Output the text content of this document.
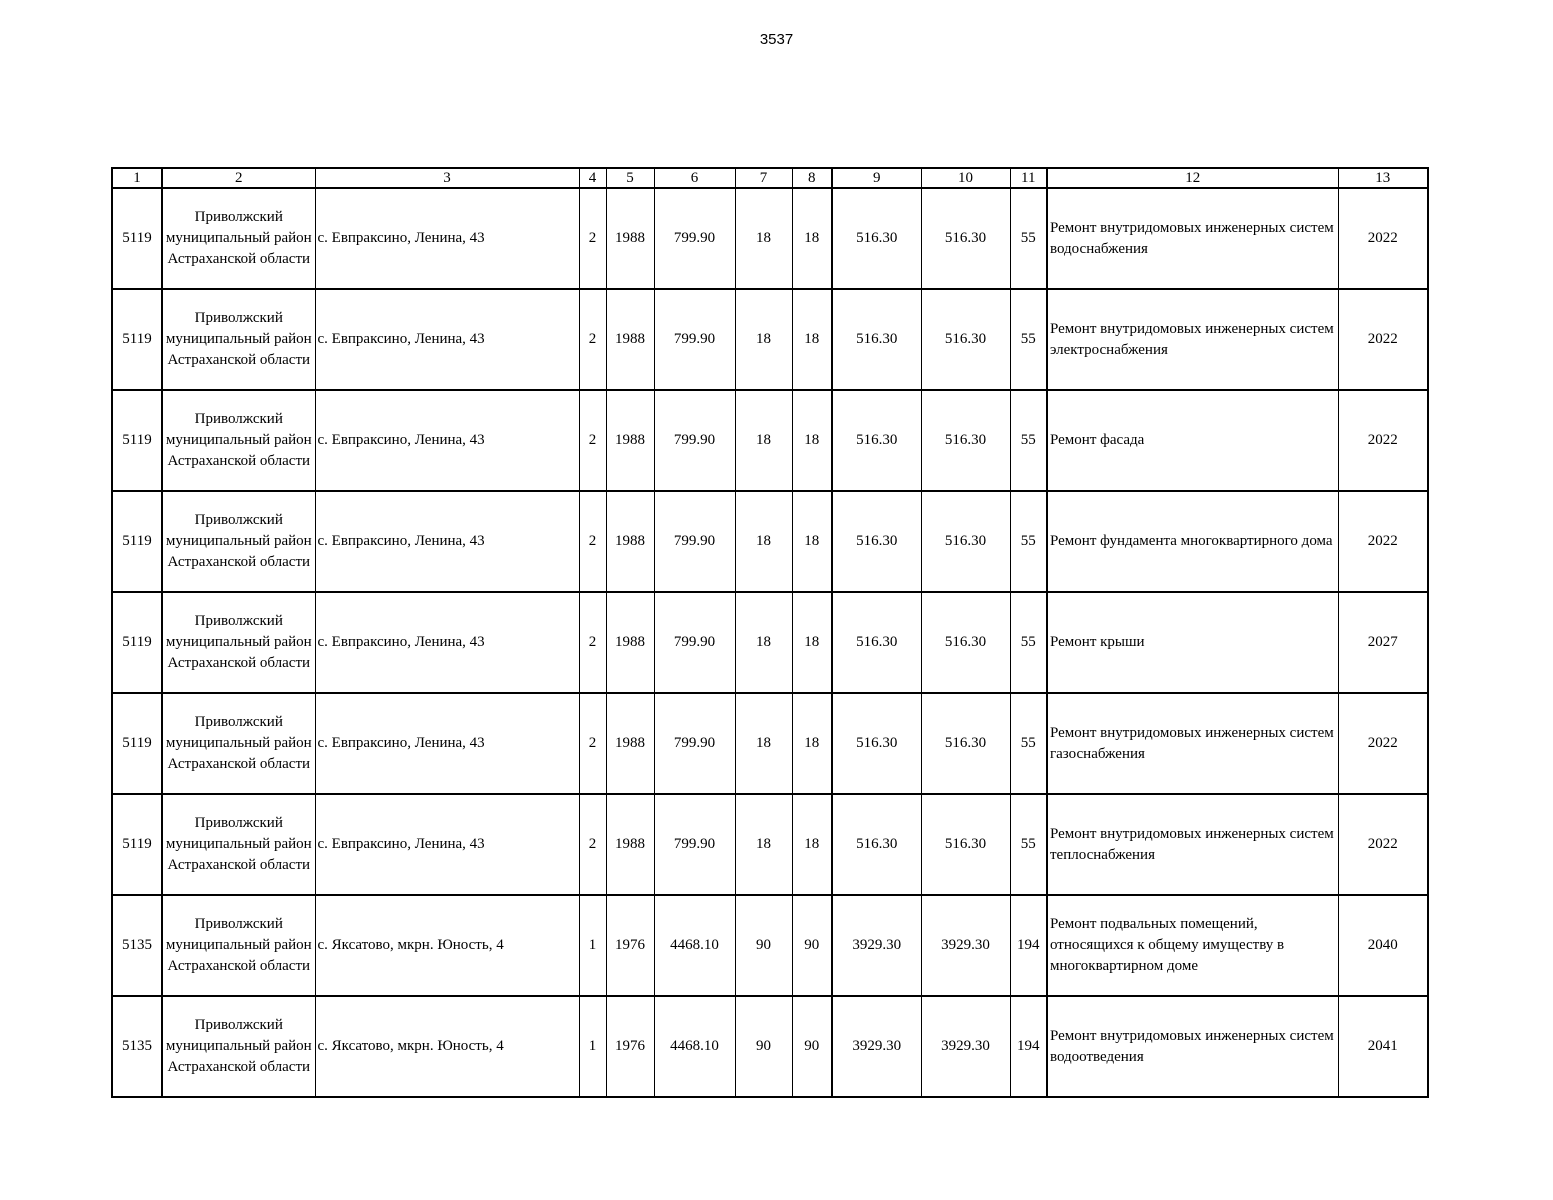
3537
1	2	3	4	5	6	7	8	9	10	11	12	13
5119	Приволжский муниципальный район Астраханской области	с. Евпраксино, Ленина, 43	2	1988	799.90	18	18	516.30	516.30	55	Ремонт внутридомовых инженерных систем водоснабжения	2022
5119	Приволжский муниципальный район Астраханской области	с. Евпраксино, Ленина, 43	2	1988	799.90	18	18	516.30	516.30	55	Ремонт внутридомовых инженерных систем электроснабжения	2022
5119	Приволжский муниципальный район Астраханской области	с. Евпраксино, Ленина, 43	2	1988	799.90	18	18	516.30	516.30	55	Ремонт фасада	2022
5119	Приволжский муниципальный район Астраханской области	с. Евпраксино, Ленина, 43	2	1988	799.90	18	18	516.30	516.30	55	Ремонт фундамента многоквартирного дома	2022
5119	Приволжский муниципальный район Астраханской области	с. Евпраксино, Ленина, 43	2	1988	799.90	18	18	516.30	516.30	55	Ремонт крыши	2027
5119	Приволжский муниципальный район Астраханской области	с. Евпраксино, Ленина, 43	2	1988	799.90	18	18	516.30	516.30	55	Ремонт внутридомовых инженерных систем газоснабжения	2022
5119	Приволжский муниципальный район Астраханской области	с. Евпраксино, Ленина, 43	2	1988	799.90	18	18	516.30	516.30	55	Ремонт внутридомовых инженерных систем теплоснабжения	2022
5135	Приволжский муниципальный район Астраханской области	с. Яксатово, мкрн. Юность, 4	1	1976	4468.10	90	90	3929.30	3929.30	194	Ремонт подвальных помещений, относящихся к общему имуществу в многоквартирном доме	2040
5135	Приволжский муниципальный район Астраханской области	с. Яксатово, мкрн. Юность, 4	1	1976	4468.10	90	90	3929.30	3929.30	194	Ремонт внутридомовых инженерных систем водоотведения	2041
